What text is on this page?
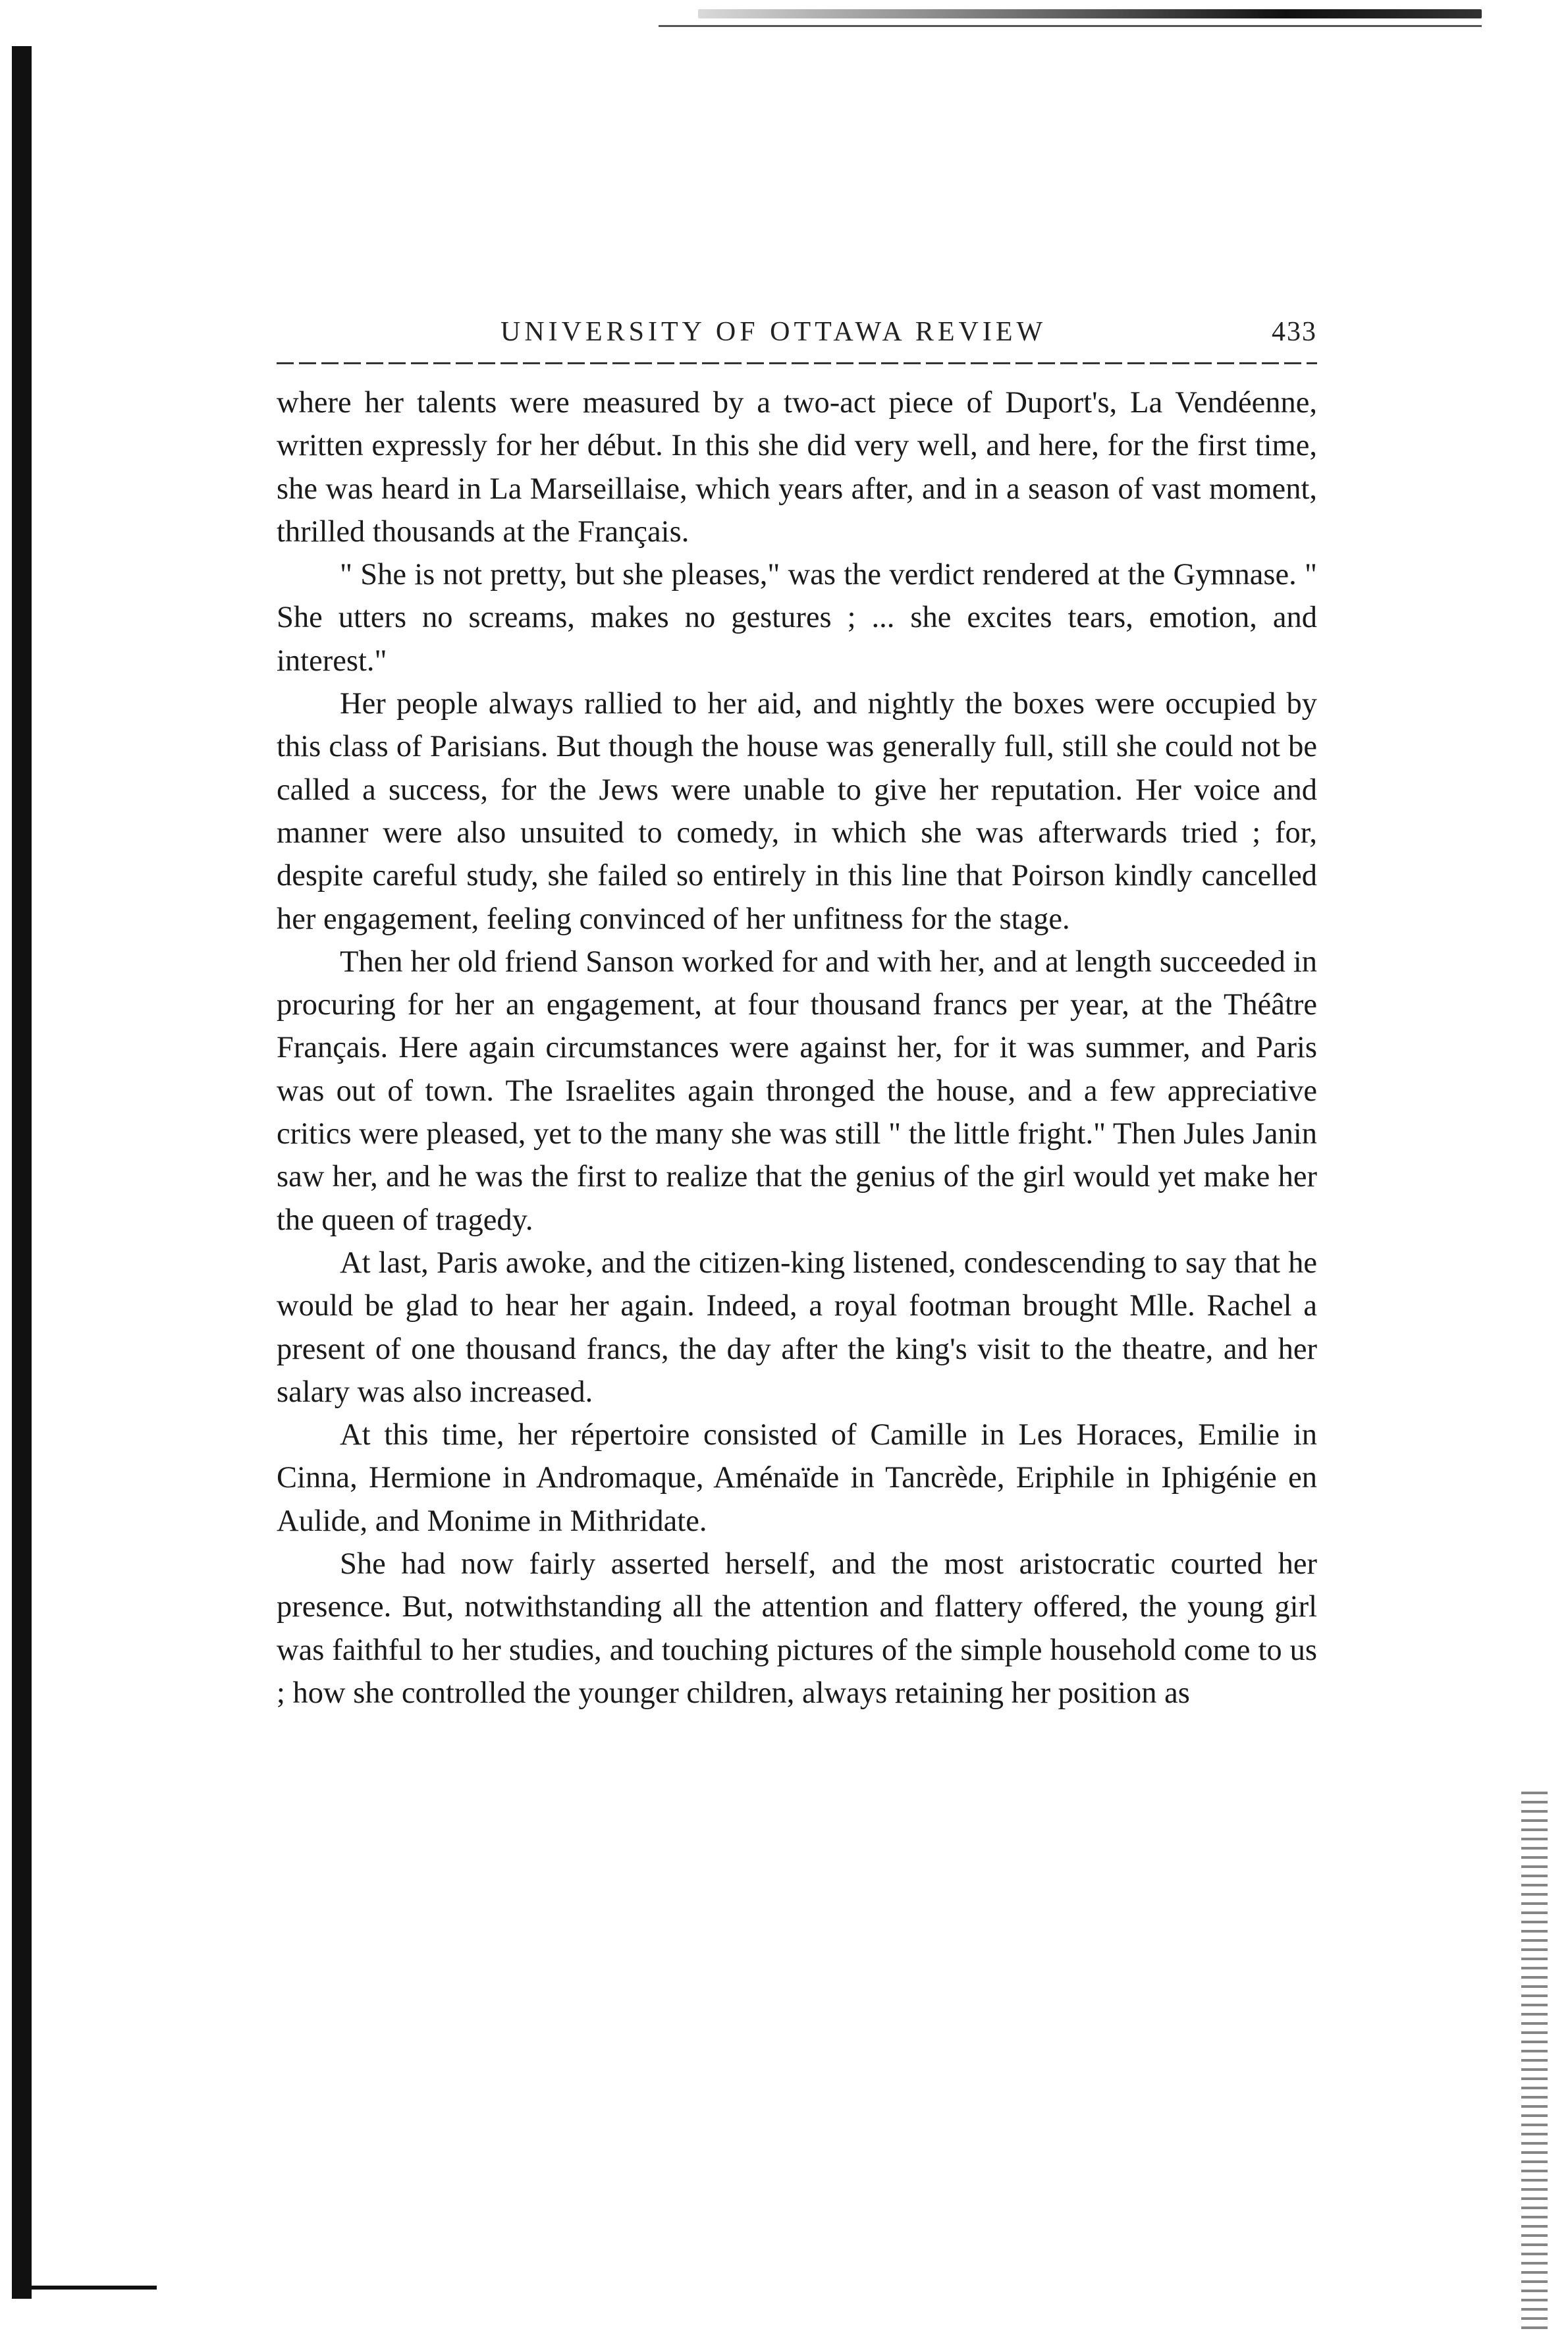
UNIVERSITY OF OTTAWA REVIEW	433

where her talents were measured by a two-act piece of Duport's, La Vendéenne, written expressly for her début. In this she did very well, and here, for the first time, she was heard in La Marseillaise, which years after, and in a season of vast moment, thrilled thousands at the Français.

" She is not pretty, but she pleases," was the verdict rendered at the Gymnase. " She utters no screams, makes no gestures ; ... she excites tears, emotion, and interest."

Her people always rallied to her aid, and nightly the boxes were occupied by this class of Parisians. But though the house was generally full, still she could not be called a success, for the Jews were unable to give her reputation. Her voice and manner were also unsuited to comedy, in which she was afterwards tried ; for, despite careful study, she failed so entirely in this line that Poirson kindly cancelled her engagement, feeling convinced of her unfitness for the stage.

Then her old friend Sanson worked for and with her, and at length succeeded in procuring for her an engagement, at four thousand francs per year, at the Théâtre Français. Here again circumstances were against her, for it was summer, and Paris was out of town. The Israelites again thronged the house, and a few appreciative critics were pleased, yet to the many she was still " the little fright." Then Jules Janin saw her, and he was the first to realize that the genius of the girl would yet make her the queen of tragedy.

At last, Paris awoke, and the citizen-king listened, condescending to say that he would be glad to hear her again. Indeed, a royal footman brought Mlle. Rachel a present of one thousand francs, the day after the king's visit to the theatre, and her salary was also increased.

At this time, her répertoire consisted of Camille in Les Horaces, Emilie in Cinna, Hermione in Andromaque, Aménaïde in Tancrède, Eriphile in Iphigénie en Aulide, and Monime in Mithridate.

She had now fairly asserted herself, and the most aristocratic courted her presence. But, notwithstanding all the attention and flattery offered, the young girl was faithful to her studies, and touching pictures of the simple household come to us ; how she controlled the younger children, always retaining her position as
